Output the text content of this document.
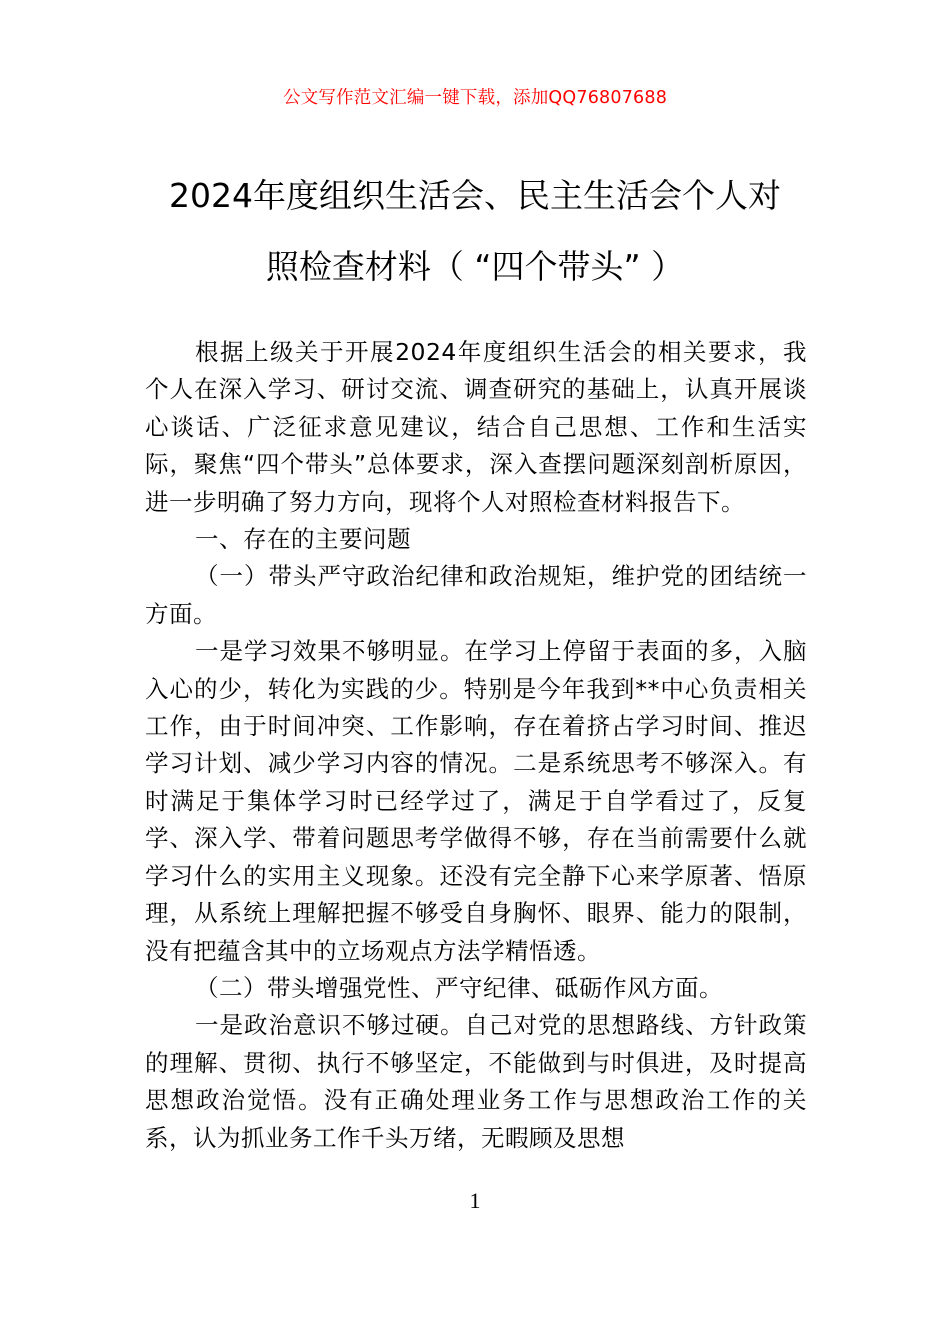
公文写作范文汇编一键下载，添加QQ76807688
2024年度组织生活会、民主生活会个人对
照检查材料（ “四个带头” ）

根据上级关于开展2024年度组织生活会的相关要求，我个人在深入学习、研讨交流、调查研究的基础上，认真开展谈心谈话、广泛征求意见建议，结合自己思想、工作和生活实际，聚焦“四个带头”总体要求，深入查摆问题深刻剖析原因，进一步明确了努力方向，现将个人对照检查材料报告下。

一、存在的主要问题

（一）带头严守政治纪律和政治规矩，维护党的团结统一方面。

一是学习效果不够明显。在学习上停留于表面的多，入脑入心的少，转化为实践的少。特别是今年我到**中心负责相关工作，由于时间冲突、工作影响，存在着挤占学习时间、推迟学习计划、减少学习内容的情况。二是系统思考不够深入。有时满足于集体学习时已经学过了，满足于自学看过了，反复学、深入学、带着问题思考学做得不够，存在当前需要什么就学习什么的实用主义现象。还没有完全静下心来学原著、悟原理，从系统上理解把握不够受自身胸怀、眼界、能力的限制，没有把蕴含其中的立场观点方法学精悟透。

（二）带头增强党性、严守纪律、砥砺作风方面。

一是政治意识不够过硬。自己对党的思想路线、方针政策的理解、贯彻、执行不够坚定，不能做到与时俱进，及时提高思想政治觉悟。没有正确处理业务工作与思想政治工作的关系，认为抓业务工作千头万绪，无暇顾及思想

1
